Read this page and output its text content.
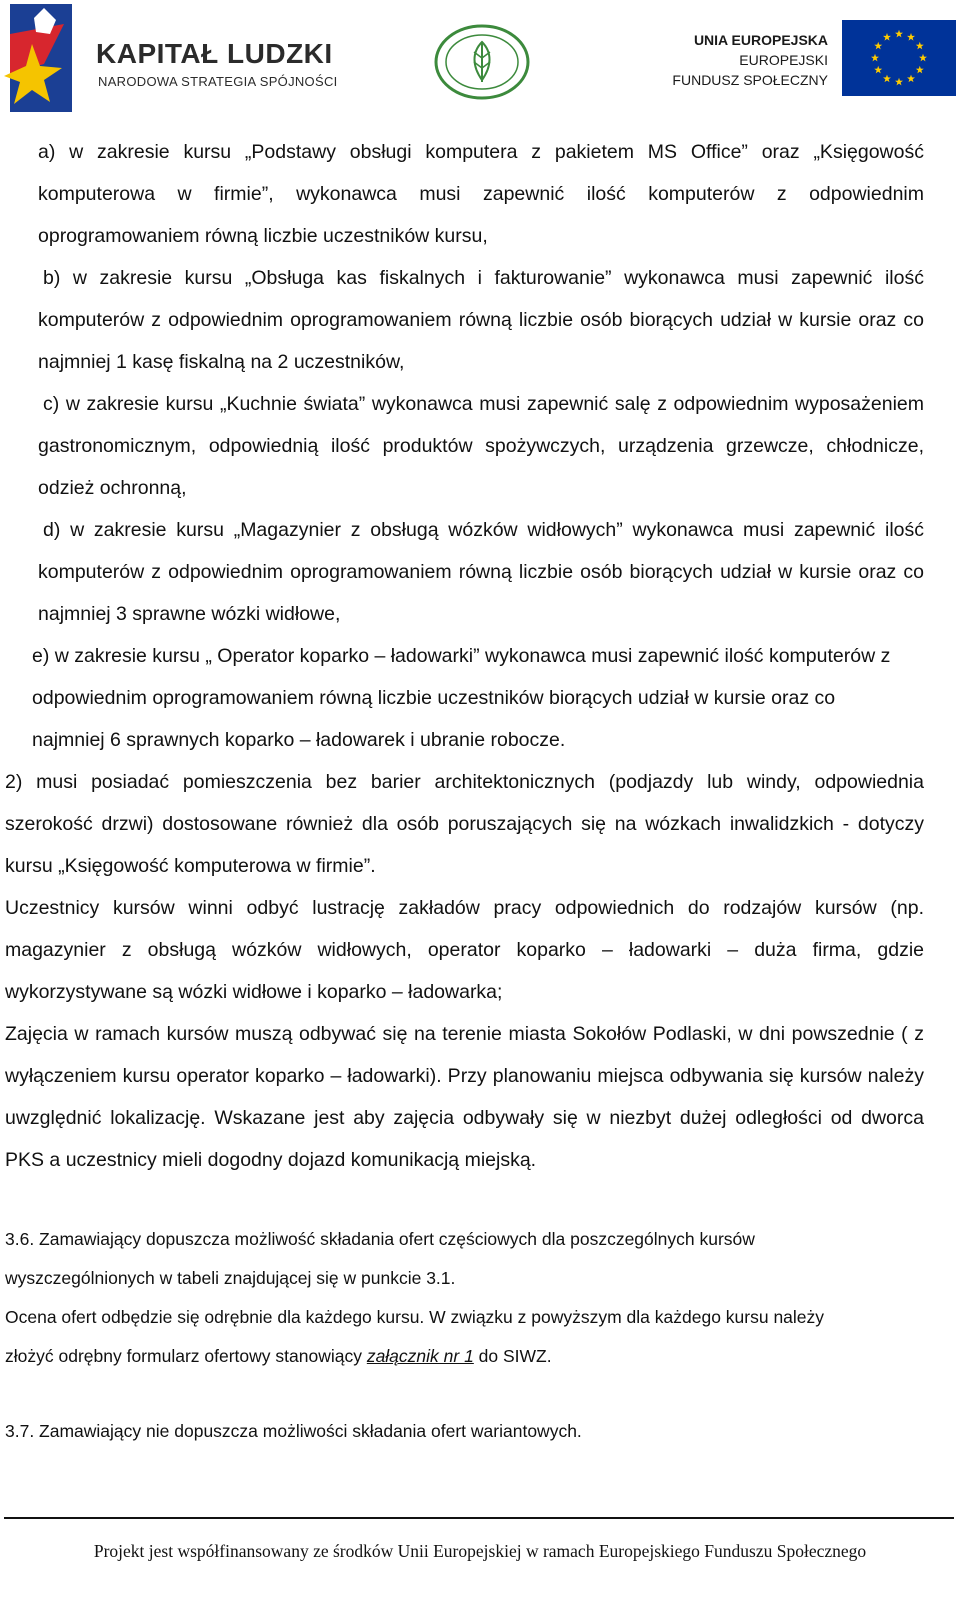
KAPITAŁ LUDZKI
NARODOWA STRATEGIA SPÓJNOŚCI
UNIA EUROPEJSKA
EUROPEJSKI
FUNDUSZ SPOŁECZNY

a) w zakresie kursu „Podstawy obsługi komputera z pakietem MS Office” oraz „Księgowość komputerowa w firmie”, wykonawca musi zapewnić ilość komputerów z odpowiednim oprogramowaniem równą liczbie uczestników kursu,

b) w zakresie kursu „Obsługa kas fiskalnych i fakturowanie” wykonawca musi zapewnić ilość komputerów z odpowiednim oprogramowaniem równą liczbie osób biorących udział w kursie oraz co najmniej 1 kasę fiskalną na 2 uczestników,

c) w zakresie kursu „Kuchnie świata” wykonawca musi zapewnić salę z odpowiednim wyposażeniem gastronomicznym, odpowiednią ilość produktów spożywczych, urządzenia grzewcze, chłodnicze, odzież ochronną,

d) w zakresie kursu „Magazynier z obsługą wózków widłowych” wykonawca musi zapewnić ilość komputerów z odpowiednim oprogramowaniem równą liczbie osób biorących udział w kursie oraz co najmniej 3 sprawne wózki widłowe,

e) w zakresie kursu „ Operator koparko – ładowarki” wykonawca musi zapewnić ilość komputerów z odpowiednim oprogramowaniem równą liczbie uczestników biorących udział w kursie oraz co najmniej 6 sprawnych koparko – ładowarek i ubranie robocze.

2) musi posiadać pomieszczenia bez barier architektonicznych (podjazdy lub windy, odpowiednia szerokość drzwi) dostosowane również dla osób poruszających się na wózkach inwalidzkich - dotyczy kursu „Księgowość komputerowa w firmie”.

Uczestnicy kursów winni odbyć lustrację zakładów pracy odpowiednich do rodzajów kursów (np. magazynier z obsługą wózków widłowych, operator koparko – ładowarki – duża firma, gdzie wykorzystywane są wózki widłowe i koparko – ładowarka;

Zajęcia w ramach kursów muszą odbywać się na terenie miasta Sokołów Podlaski, w dni powszednie ( z wyłączeniem kursu operator koparko – ładowarki). Przy planowaniu miejsca odbywania się kursów należy uwzględnić lokalizację. Wskazane jest aby zajęcia odbywały się w niezbyt dużej odległości od dworca PKS a uczestnicy mieli dogodny dojazd komunikacją miejską.

3.6. Zamawiający dopuszcza możliwość składania ofert częściowych dla poszczególnych kursów
wyszczególnionych w tabeli znajdującej się w punkcie 3.1.
Ocena ofert odbędzie się odrębnie dla każdego kursu. W związku z powyższym dla każdego kursu należy
złożyć odrębny formularz ofertowy stanowiący załącznik nr 1 do SIWZ.
3.7. Zamawiający nie dopuszcza możliwości składania ofert wariantowych.
Projekt jest współfinansowany ze środków Unii Europejskiej w ramach Europejskiego Funduszu Społecznego
